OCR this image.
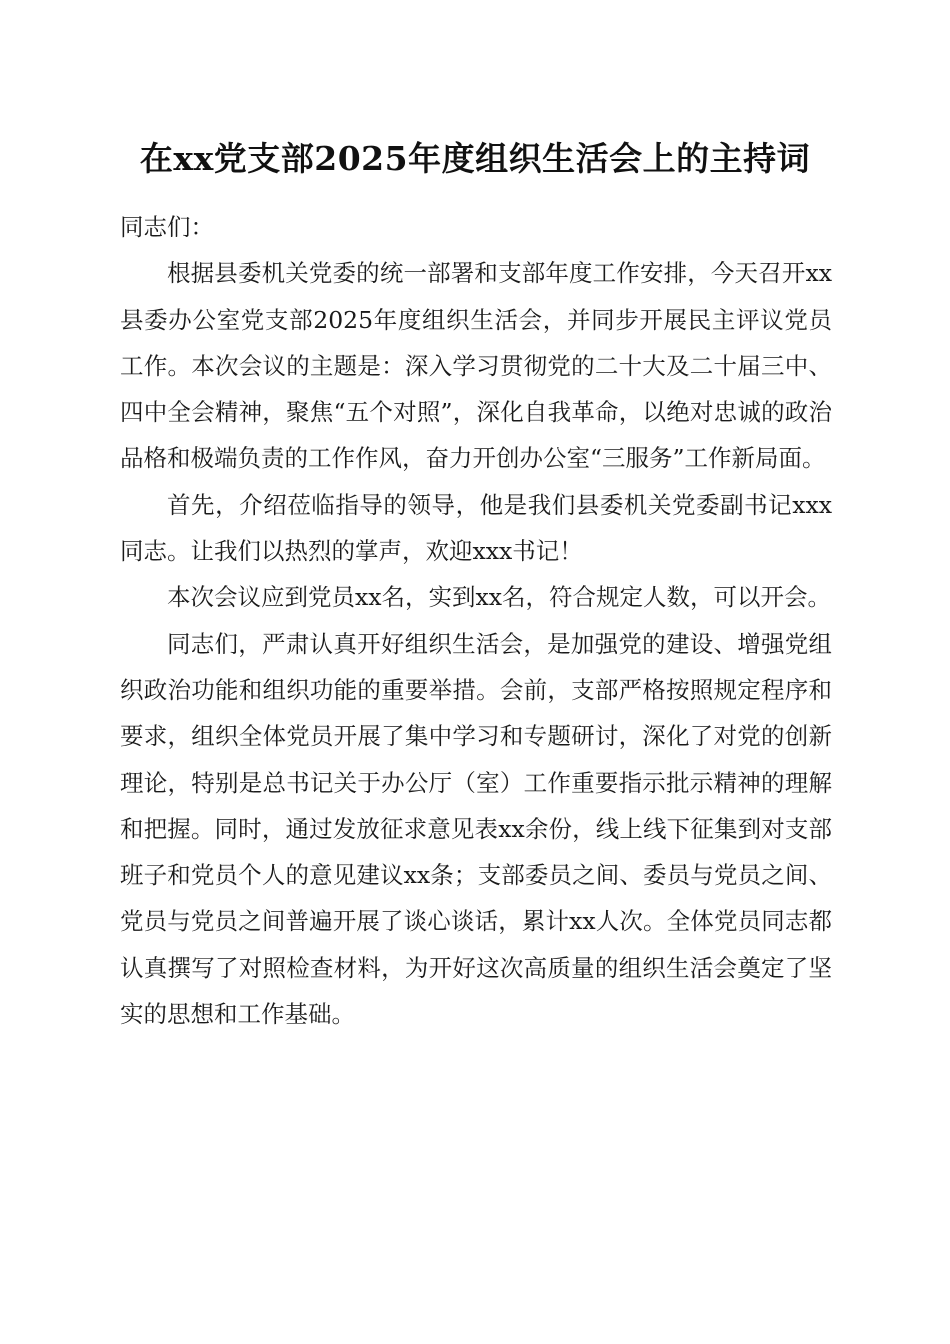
在xx党支部2025年度组织生活会上的主持词

同志们：

根据县委机关党委的统一部署和支部年度工作安排，今天召开xx县委办公室党支部2025年度组织生活会，并同步开展民主评议党员工作。本次会议的主题是：深入学习贯彻党的二十大及二十届三中、四中全会精神，聚焦“五个对照”，深化自我革命，以绝对忠诚的政治品格和极端负责的工作作风，奋力开创办公室“三服务”工作新局面。

首先，介绍莅临指导的领导，他是我们县委机关党委副书记xxx同志。让我们以热烈的掌声，欢迎xxx书记！

本次会议应到党员xx名，实到xx名，符合规定人数，可以开会。

同志们，严肃认真开好组织生活会，是加强党的建设、增强党组织政治功能和组织功能的重要举措。会前，支部严格按照规定程序和要求，组织全体党员开展了集中学习和专题研讨，深化了对党的创新理论，特别是总书记关于办公厅（室）工作重要指示批示精神的理解和把握。同时，通过发放征求意见表xx余份，线上线下征集到对支部班子和党员个人的意见建议xx条；支部委员之间、委员与党员之间、党员与党员之间普遍开展了谈心谈话，累计xx人次。全体党员同志都认真撰写了对照检查材料，为开好这次高质量的组织生活会奠定了坚实的思想和工作基础。
